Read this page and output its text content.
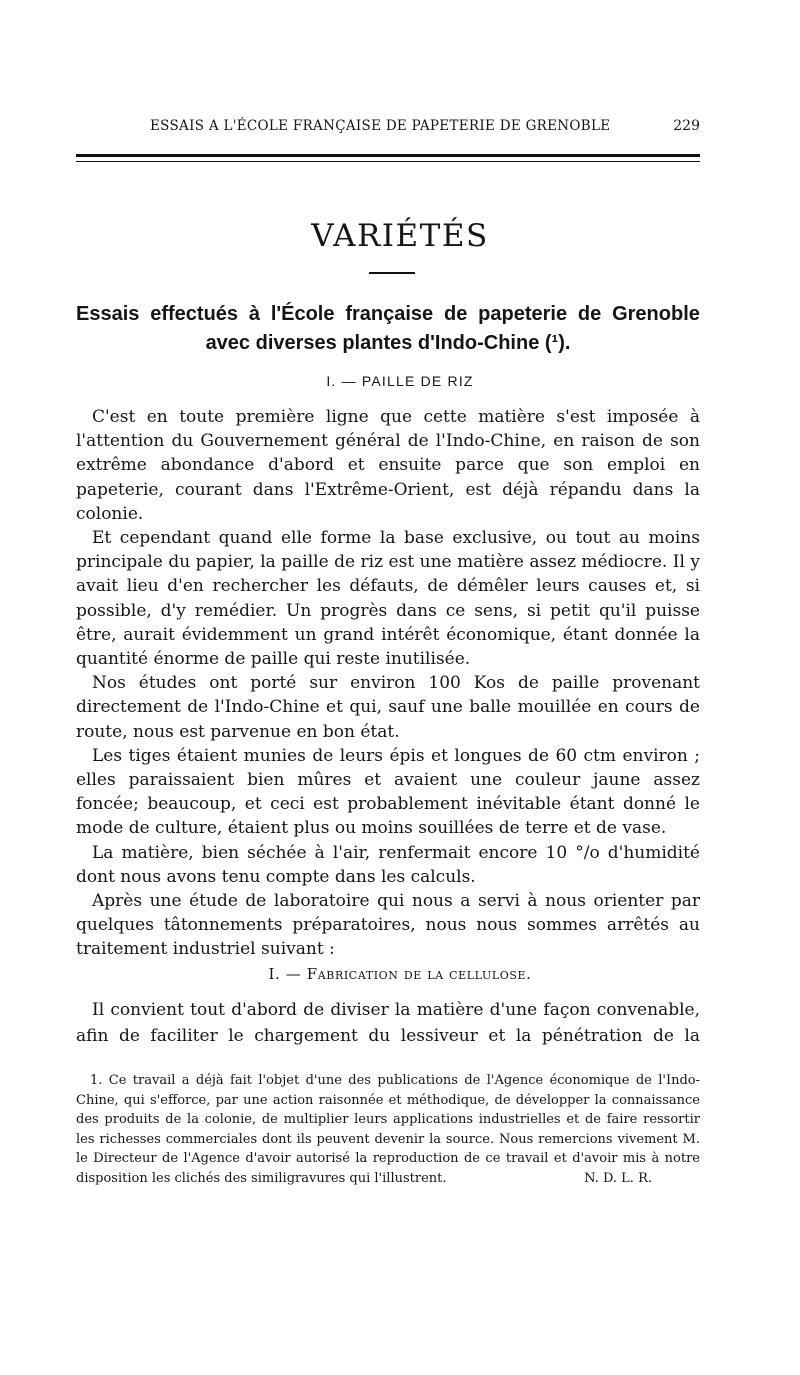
ESSAIS A L'ÉCOLE FRANÇAISE DE PAPETERIE DE GRENOBLE	229
VARIÉTÉS
Essais effectués à l'École française de papeterie de Grenoble
avec diverses plantes d'Indo-Chine (¹).
I. — PAILLE DE RIZ

C'est en toute première ligne que cette matière s'est imposée à l'attention du Gouvernement général de l'Indo-Chine, en raison de son extrême abondance d'abord et ensuite parce que son emploi en papeterie, courant dans l'Extrême-Orient, est déjà répandu dans la colonie.

Et cependant quand elle forme la base exclusive, ou tout au moins principale du papier, la paille de riz est une matière assez médiocre. Il y avait lieu d'en rechercher les défauts, de démêler leurs causes et, si possible, d'y remédier. Un progrès dans ce sens, si petit qu'il puisse être, aurait évidemment un grand intérêt économique, étant donnée la quantité énorme de paille qui reste inutilisée.

Nos études ont porté sur environ 100 Kos de paille provenant directement de l'Indo-Chine et qui, sauf une balle mouillée en cours de route, nous est parvenue en bon état.

Les tiges étaient munies de leurs épis et longues de 60 ctm environ ; elles paraissaient bien mûres et avaient une couleur jaune assez foncée; beaucoup, et ceci est probablement inévitable étant donné le mode de culture, étaient plus ou moins souillées de terre et de vase.

La matière, bien séchée à l'air, renfermait encore 10 °/o d'humidité dont nous avons tenu compte dans les calculs.

Après une étude de laboratoire qui nous a servi à nous orienter par quelques tâtonnements préparatoires, nous nous sommes arrêtés au traitement industriel suivant :

I. — Fabrication de la cellulose.

Il convient tout d'abord de diviser la matière d'une façon convenable, afin de faciliter le chargement du lessiveur et la pénétration de la

1. Ce travail a déjà fait l'objet d'une des publications de l'Agence économique de l'Indo-Chine, qui s'efforce, par une action raisonnée et méthodique, de développer la connaissance des produits de la colonie, de multiplier leurs applications industrielles et de faire ressortir les richesses commerciales dont ils peuvent devenir la source. Nous remercions vivement M. le Directeur de l'Agence d'avoir autorisé la reproduction de ce travail et d'avoir mis à notre disposition les clichés des similigravures qui l'illustrent.	N. D. L. R.
